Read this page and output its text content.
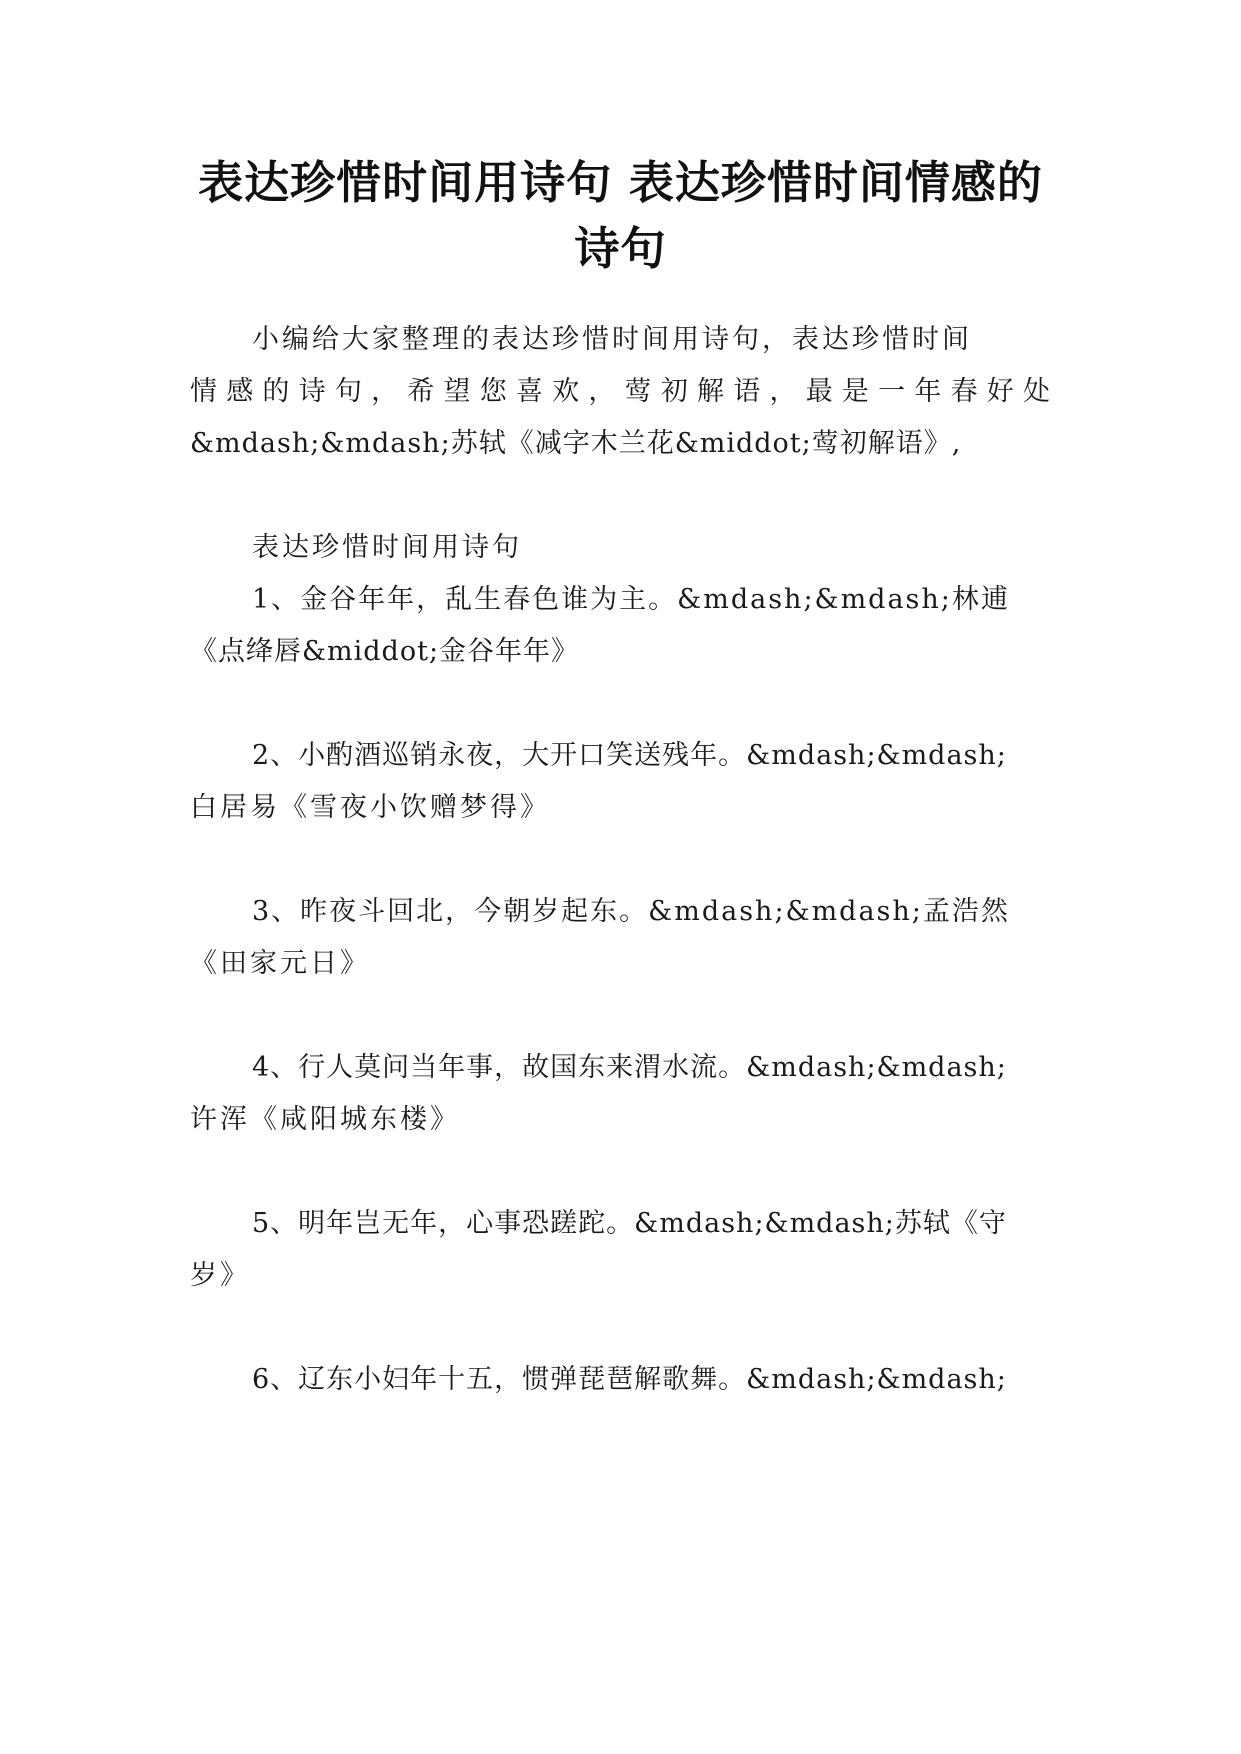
表达珍惜时间用诗句 表达珍惜时间情感的
诗句
小编给大家整理的表达珍惜时间用诗句，表达珍惜时间
情感的诗句，希望您喜欢，莺初解语，最是一年春好处
&mdash;&mdash;苏轼《减字木兰花&middot;莺初解语》,
表达珍惜时间用诗句
1、金谷年年，乱生春色谁为主。&mdash;&mdash;林逋
《点绛唇&middot;金谷年年》
2、小酌酒巡销永夜，大开口笑送残年。&mdash;&mdash;
白居易《雪夜小饮赠梦得》
3、昨夜斗回北，今朝岁起东。&mdash;&mdash;孟浩然
《田家元日》
4、行人莫问当年事，故国东来渭水流。&mdash;&mdash;
许浑《咸阳城东楼》
5、明年岂无年，心事恐蹉跎。&mdash;&mdash;苏轼《守
岁》
6、辽东小妇年十五，惯弹琵琶解歌舞。&mdash;&mdash;
